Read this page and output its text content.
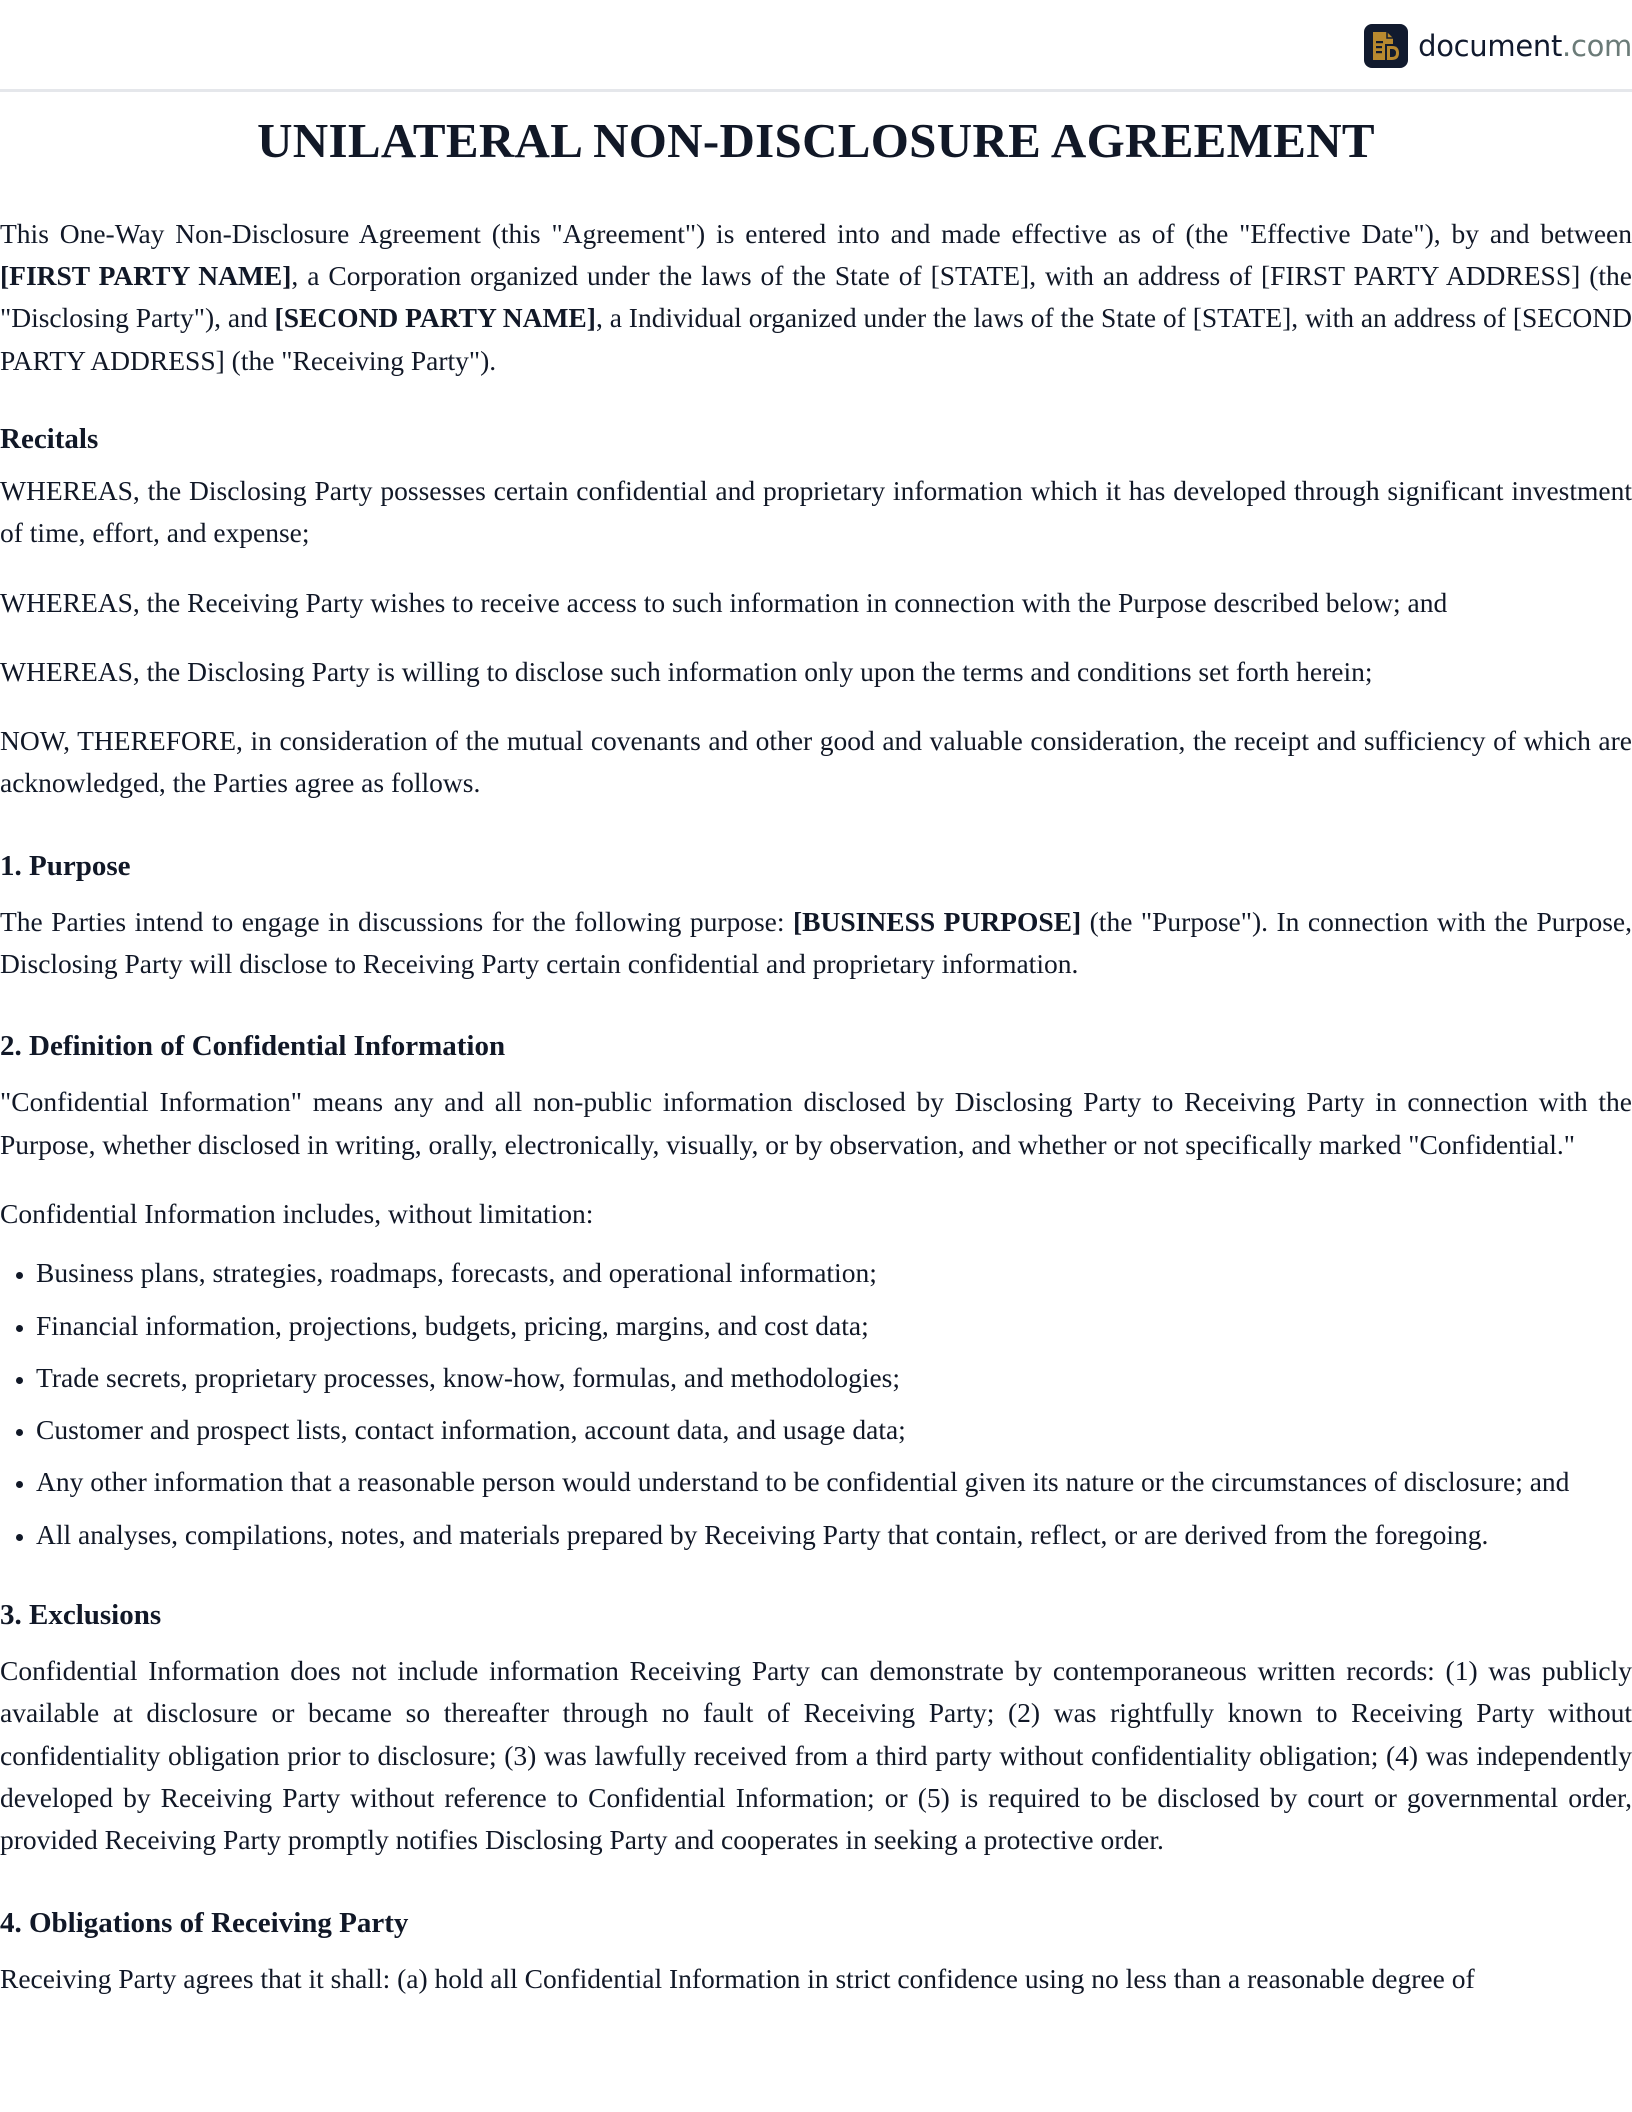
document.com
UNILATERAL NON-DISCLOSURE AGREEMENT

This One-Way Non-Disclosure Agreement (this "Agreement") is entered into and made effective as of (the "Effective Date"), by and between [FIRST PARTY NAME], a Corporation organized under the laws of the State of [STATE], with an address of [FIRST PARTY ADDRESS] (the "Disclosing Party"), and [SECOND PARTY NAME], a Individual organized under the laws of the State of [STATE], with an address of [SECOND PARTY ADDRESS] (the "Receiving Party").

Recitals

WHEREAS, the Disclosing Party possesses certain confidential and proprietary information which it has developed through significant investment of time, effort, and expense;

WHEREAS, the Receiving Party wishes to receive access to such information in connection with the Purpose described below; and

WHEREAS, the Disclosing Party is willing to disclose such information only upon the terms and conditions set forth herein;

NOW, THEREFORE, in consideration of the mutual covenants and other good and valuable consideration, the receipt and sufficiency of which are acknowledged, the Parties agree as follows.

1. Purpose

The Parties intend to engage in discussions for the following purpose: [BUSINESS PURPOSE] (the "Purpose"). In connection with the Purpose, Disclosing Party will disclose to Receiving Party certain confidential and proprietary information.

2. Definition of Confidential Information

"Confidential Information" means any and all non-public information disclosed by Disclosing Party to Receiving Party in connection with the Purpose, whether disclosed in writing, orally, electronically, visually, or by observation, and whether or not specifically marked "Confidential."

Confidential Information includes, without limitation:

• Business plans, strategies, roadmaps, forecasts, and operational information;
• Financial information, projections, budgets, pricing, margins, and cost data;
• Trade secrets, proprietary processes, know-how, formulas, and methodologies;
• Customer and prospect lists, contact information, account data, and usage data;
• Any other information that a reasonable person would understand to be confidential given its nature or the circumstances of disclosure; and
• All analyses, compilations, notes, and materials prepared by Receiving Party that contain, reflect, or are derived from the foregoing.
3. Exclusions

Confidential Information does not include information Receiving Party can demonstrate by contemporaneous written records: (1) was publicly available at disclosure or became so thereafter through no fault of Receiving Party; (2) was rightfully known to Receiving Party without confidentiality obligation prior to disclosure; (3) was lawfully received from a third party without confidentiality obligation; (4) was independently developed by Receiving Party without reference to Confidential Information; or (5) is required to be disclosed by court or governmental order, provided Receiving Party promptly notifies Disclosing Party and cooperates in seeking a protective order.

4. Obligations of Receiving Party

Receiving Party agrees that it shall: (a) hold all Confidential Information in strict confidence using no less than a reasonable degree of
